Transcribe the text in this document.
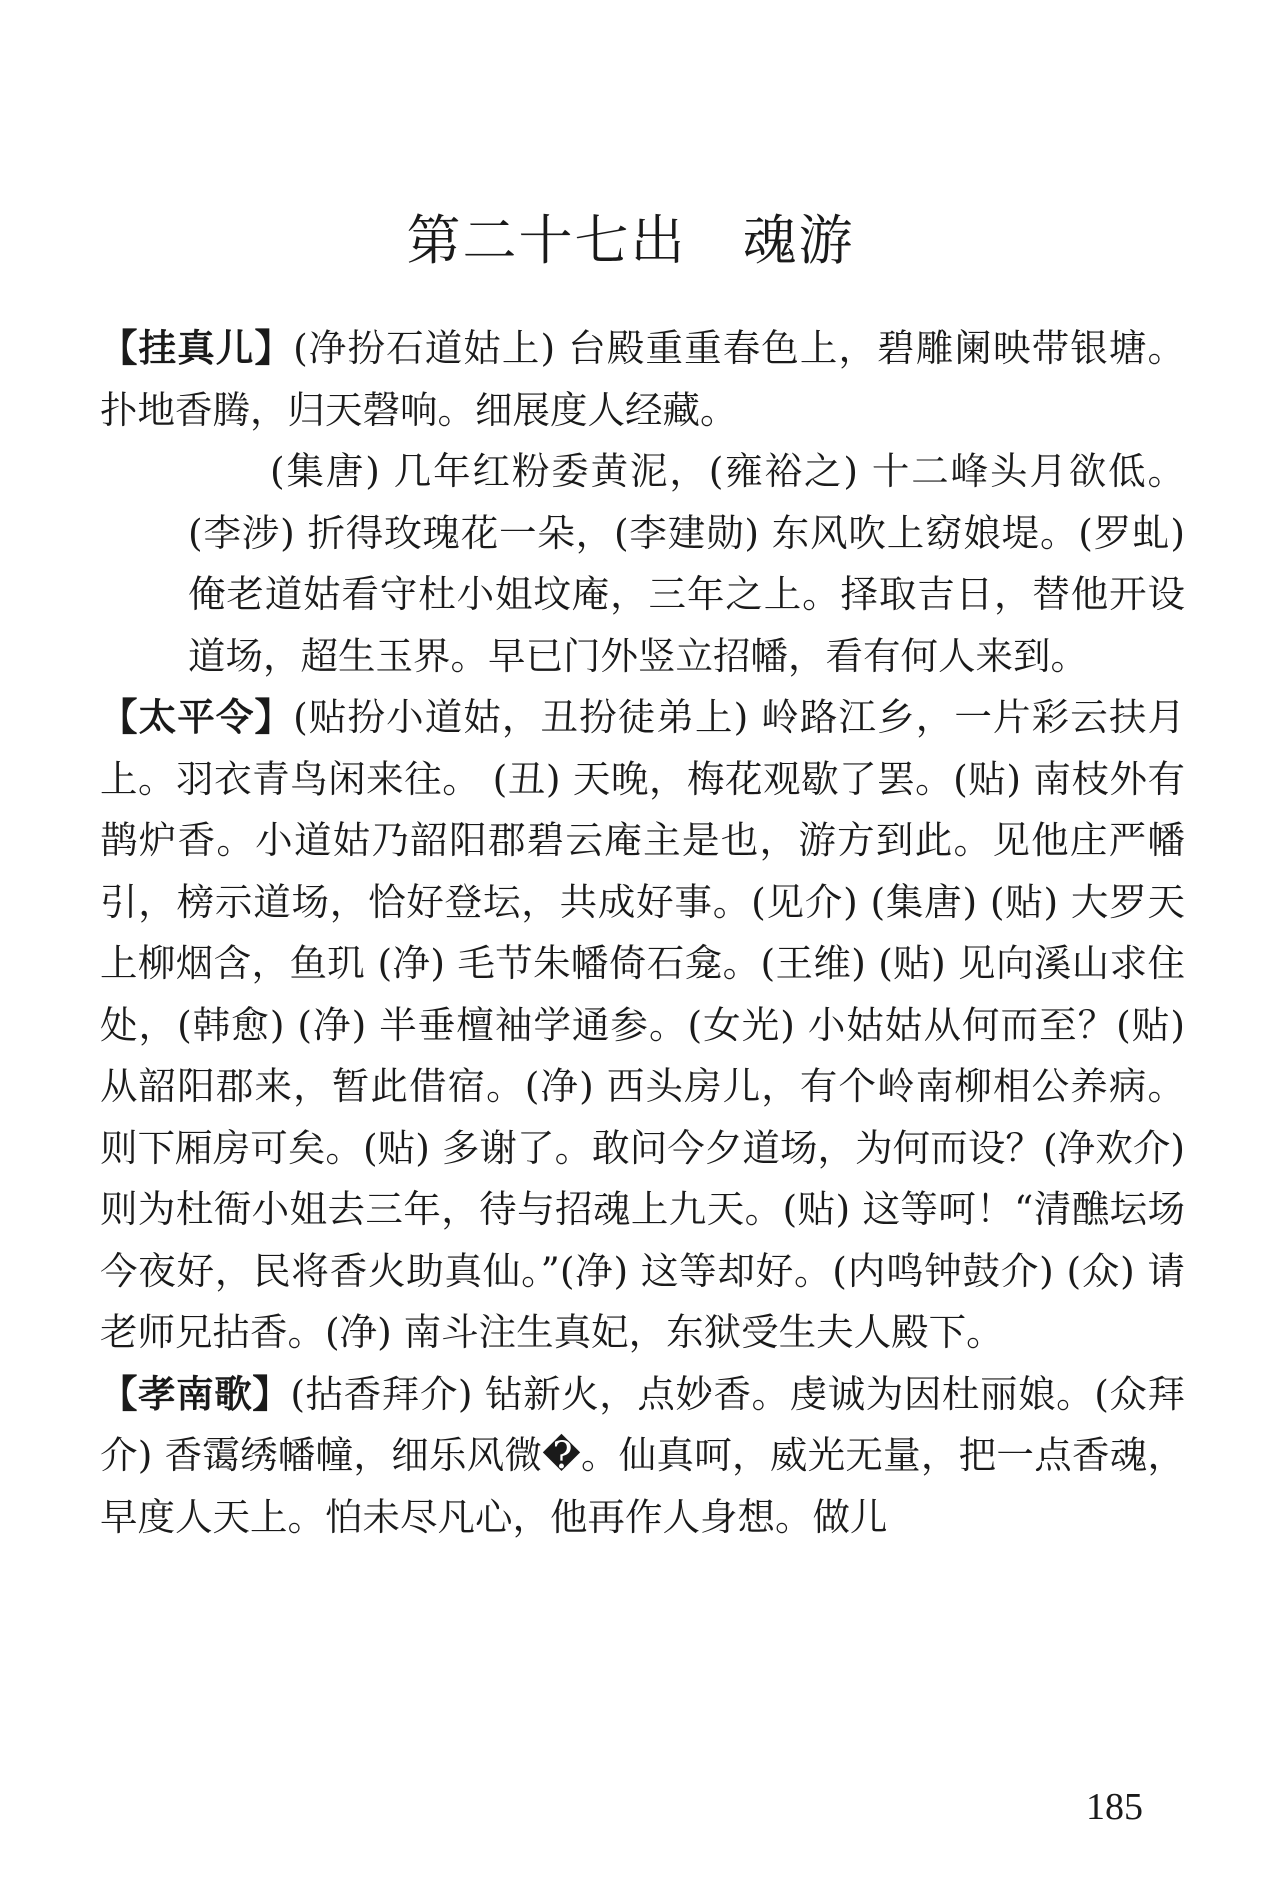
第二十七出　魂游

【挂真儿】(净扮石道姑上) 台殿重重春色上，碧雕阑映带银塘。扑地香腾，归天磬响。细展度人经藏。

(集唐) 几年红粉委黄泥，(雍裕之) 十二峰头月欲低。(李涉) 折得玫瑰花一朵，(李建勋) 东风吹上窈娘堤。(罗虬) 俺老道姑看守杜小姐坟庵，三年之上。择取吉日，替他开设道场，超生玉界。早已门外竖立招幡，看有何人来到。

【太平令】(贴扮小道姑，丑扮徒弟上) 岭路江乡，一片彩云扶月上。羽衣青鸟闲来往。 (丑) 天晚，梅花观歇了罢。(贴) 南枝外有鹊炉香。小道姑乃韶阳郡碧云庵主是也，游方到此。见他庄严幡引，榜示道场，恰好登坛，共成好事。(见介) (集唐) (贴) 大罗天上柳烟含，鱼玑 (净) 毛节朱幡倚石龛。(王维) (贴) 见向溪山求住处，(韩愈) (净) 半垂檀袖学通参。(女光) 小姑姑从何而至？(贴) 从韶阳郡来，暂此借宿。(净) 西头房儿，有个岭南柳相公养病。则下厢房可矣。(贴) 多谢了。敢问今夕道场，为何而设？(净欢介) 则为杜衙小姐去三年，待与招魂上九天。(贴) 这等呵！“清醮坛场今夜好，民将香火助真仙。”(净) 这等却好。(内鸣钟鼓介) (众) 请老师兄拈香。(净) 南斗注生真妃，东狱受生夫人殿下。

【孝南歌】(拈香拜介) 钻新火，点妙香。虔诚为因杜丽娘。(众拜介) 香霭绣幡幢，细乐风微�。仙真呵，威光无量，把一点香魂，早度人天上。怕未尽凡心，他再作人身想。做儿

185
